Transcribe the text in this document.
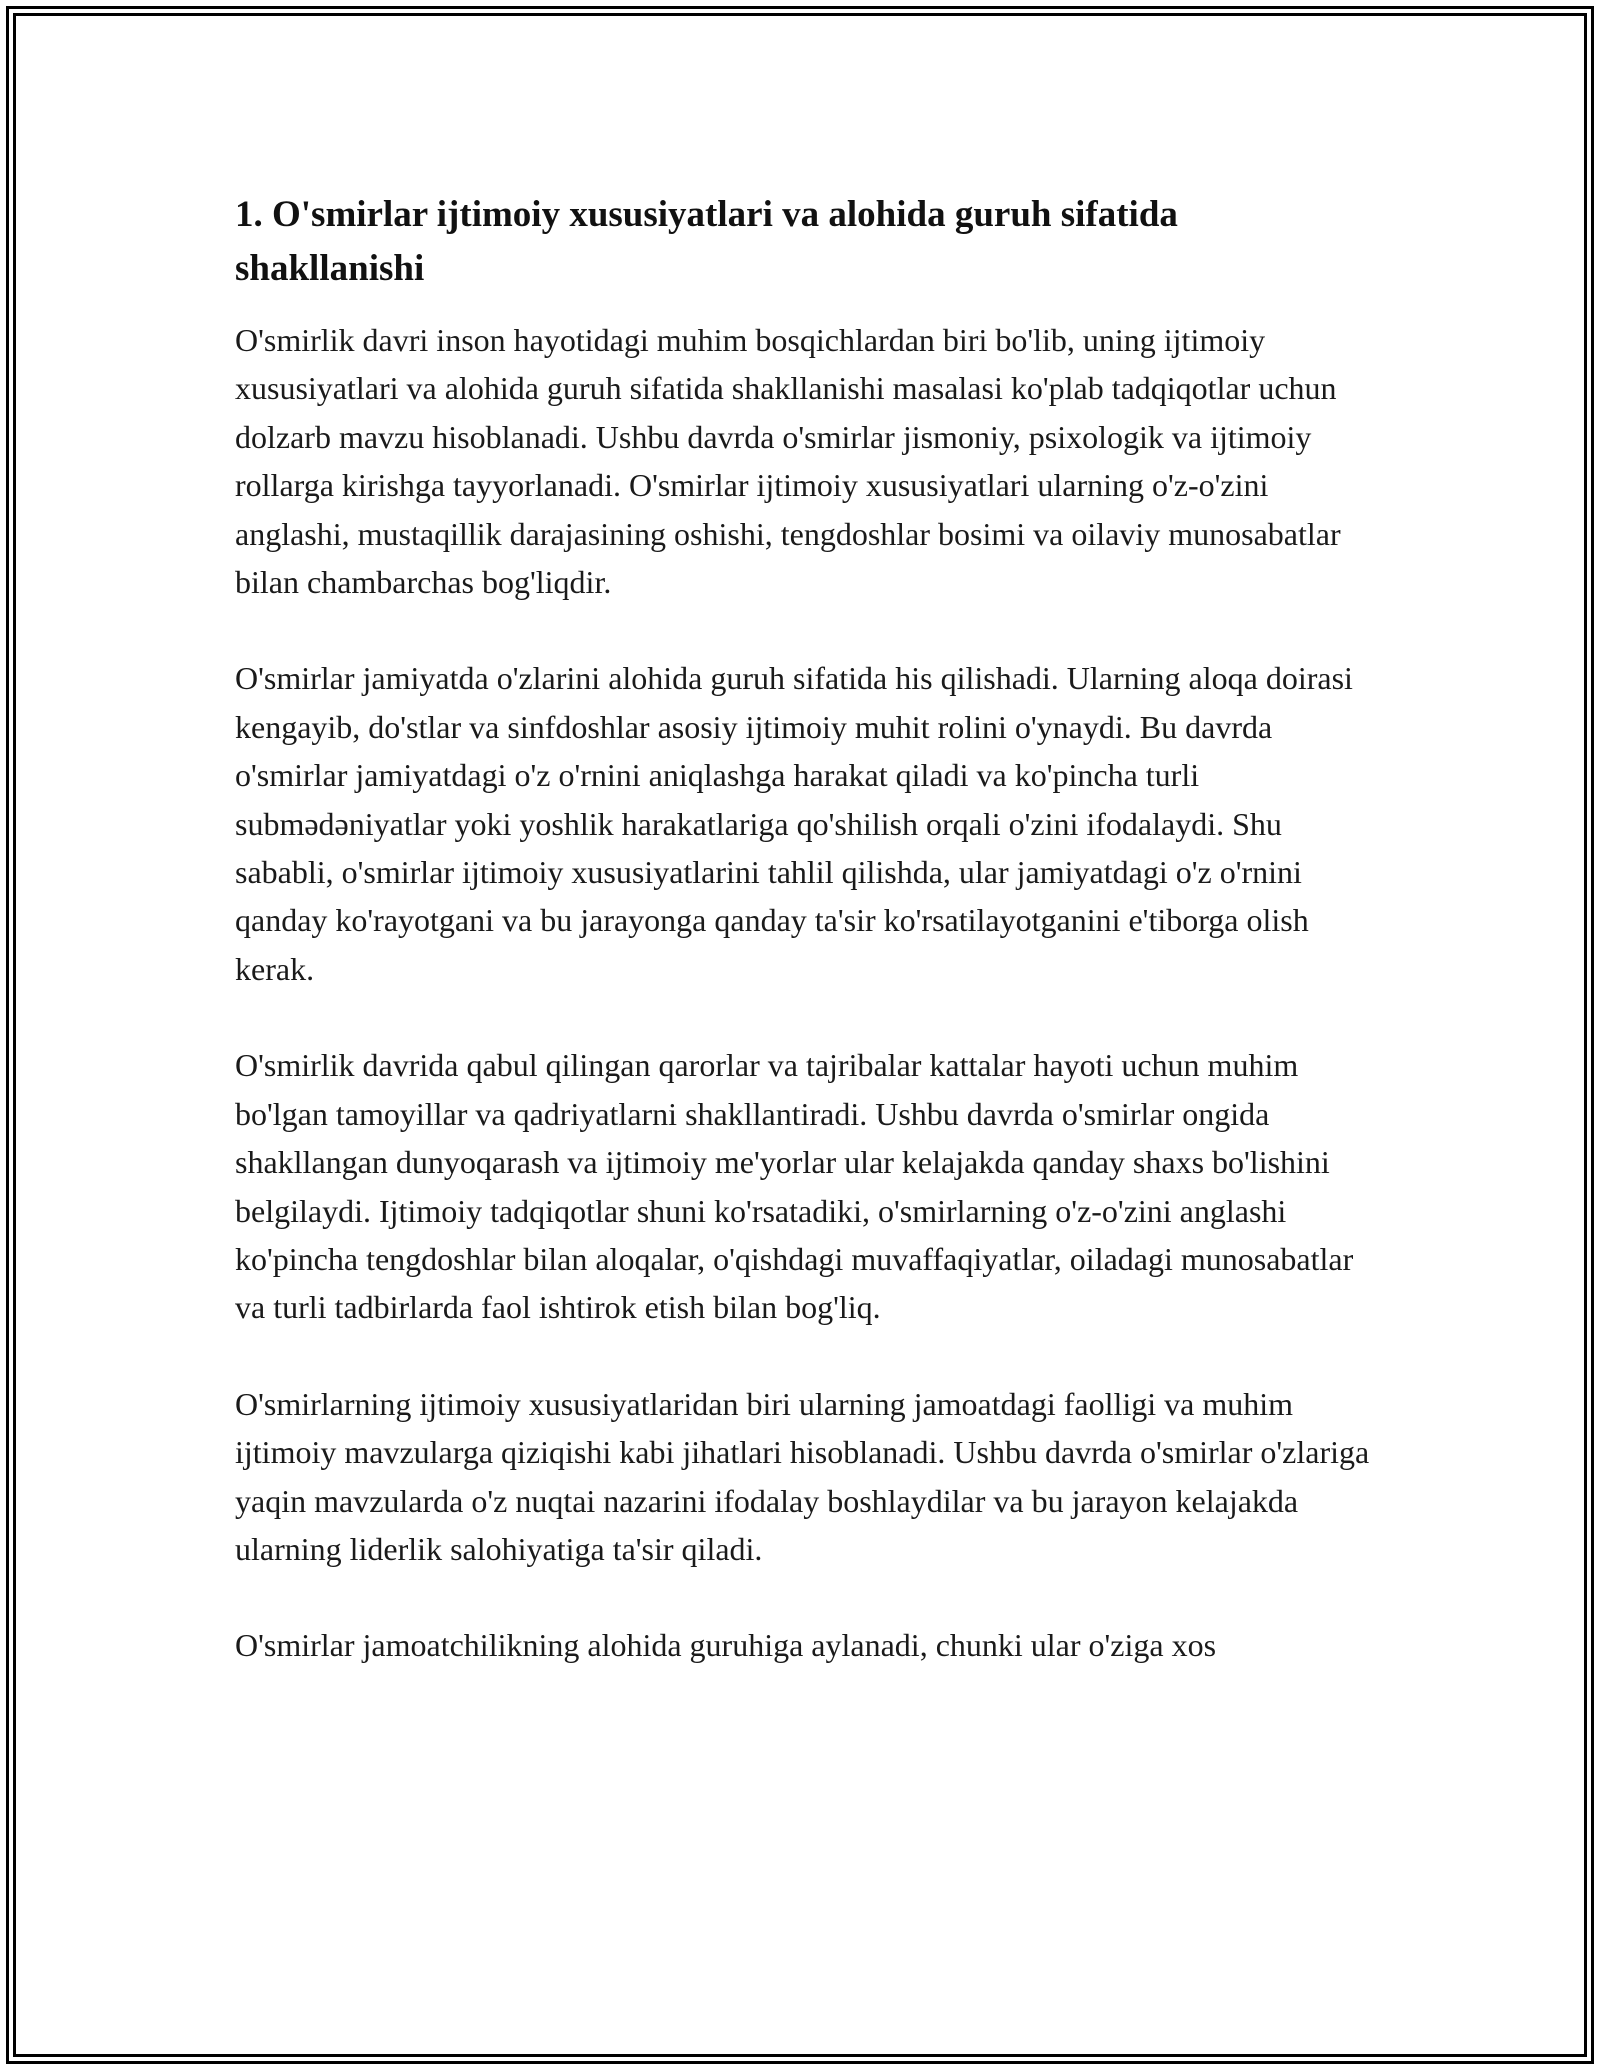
1. O'smirlar ijtimoiy xususiyatlari va alohida guruh sifatida shakllanishi

O'smirlik davri inson hayotidagi muhim bosqichlardan biri bo'lib, uning ijtimoiy xususiyatlari va alohida guruh sifatida shakllanishi masalasi ko'plab tadqiqotlar uchun dolzarb mavzu hisoblanadi. Ushbu davrda o'smirlar jismoniy, psixologik va ijtimoiy rollarga kirishga tayyorlanadi. O'smirlar ijtimoiy xususiyatlari ularning o'z-o'zini anglashi, mustaqillik darajasining oshishi, tengdoshlar bosimi va oilaviy munosabatlar bilan chambarchas bog'liqdir.

O'smirlar jamiyatda o'zlarini alohida guruh sifatida his qilishadi. Ularning aloqa doirasi kengayib, do'stlar va sinfdoshlar asosiy ijtimoiy muhit rolini o'ynaydi. Bu davrda o'smirlar jamiyatdagi o'z o'rnini aniqlashga harakat qiladi va ko'pincha turli submədəniyatlar yoki yoshlik harakatlariga qo'shilish orqali o'zini ifodalaydi. Shu sababli, o'smirlar ijtimoiy xususiyatlarini tahlil qilishda, ular jamiyatdagi o'z o'rnini qanday ko'rayotgani va bu jarayonga qanday ta'sir ko'rsatilayotganini e'tiborga olish kerak.

O'smirlik davrida qabul qilingan qarorlar va tajribalar kattalar hayoti uchun muhim bo'lgan tamoyillar va qadriyatlarni shakllantiradi. Ushbu davrda o'smirlar ongida shakllangan dunyoqarash va ijtimoiy me'yorlar ular kelajakda qanday shaxs bo'lishini belgilaydi. Ijtimoiy tadqiqotlar shuni ko'rsatadiki, o'smirlarning o'z-o'zini anglashi ko'pincha tengdoshlar bilan aloqalar, o'qishdagi muvaffaqiyatlar, oiladagi munosabatlar va turli tadbirlarda faol ishtirok etish bilan bog'liq.

O'smirlarning ijtimoiy xususiyatlaridan biri ularning jamoatdagi faolligi va muhim ijtimoiy mavzularga qiziqishi kabi jihatlari hisoblanadi. Ushbu davrda o'smirlar o'zlariga yaqin mavzularda o'z nuqtai nazarini ifodalay boshlaydilar va bu jarayon kelajakda ularning liderlik salohiyatiga ta'sir qiladi.

O'smirlar jamoatchilikning alohida guruhiga aylanadi, chunki ular o'ziga xos
